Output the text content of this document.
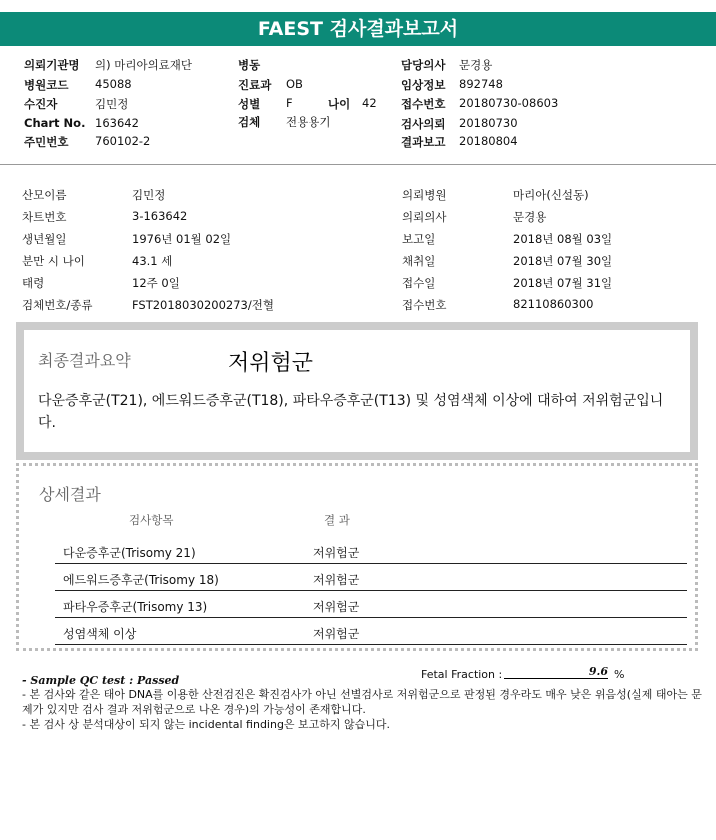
FAEST 검사결과보고서
의뢰기관명 의) 마리아의료재단
병원코드 45088
수진자	김민정
Chart No. 163642
주민번호 760102-2
병동
진료과 OB
성별 F	나이 42
검체 전용용기
담당의사 문경용
임상정보 892748
접수번호 20180730-08603
검사의뢰 20180730
결과보고 20180804
산모이름	김민정
차트번호	3-163642
생년월일	1976년 01월 02일
분만 시 나이	43.1 세
태령	12주 0일
검체번호/종류	FST2018030200273/전혈
의뢰병원	마리아(신설동)
의뢰의사	문경용
보고일	2018년 08월 03일
채취일	2018년 07월 30일
접수일	2018년 07월 31일
접수번호	82110860300
최종결과요약	저위험군
다운증후군(T21), 에드워드증후군(T18), 파타우증후군(T13) 및 성염색체 이상에 대하여 저위험군입니다.
상세결과
검사항목	결 과
다운증후군(Trisomy 21)	저위험군
에드워드증후군(Trisomy 18)	저위험군
파타우증후군(Trisomy 13)	저위험군
성염색체 이상	저위험군
- Sample QC test : Passed	Fetal Fraction :	9.6 %
- 본 검사와 같은 태아 DNA를 이용한 산전검진은 확진검사가 아닌 선별검사로 저위험군으로 판정된 경우라도 매우 낮은 위음성(실제 태아는 문제가 있지만 검사 결과 저위험군으로 나온 경우)의 가능성이 존재합니다.
- 본 검사 상 분석대상이 되지 않는 incidental finding은 보고하지 않습니다.
